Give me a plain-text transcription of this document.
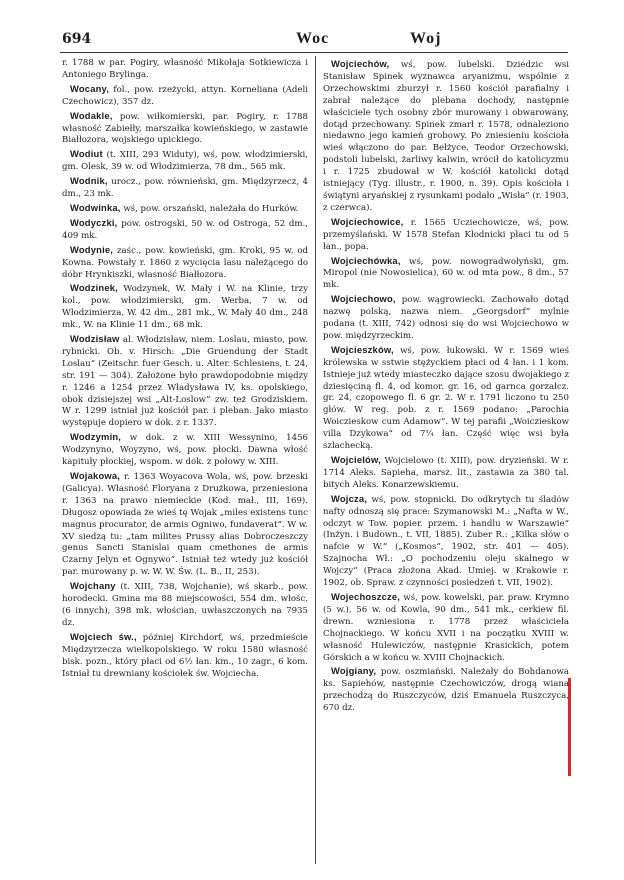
694	Woc	Woj

r. 1788 w par. Pogiry, własność Mikołaja Sotkiewicza i Antoniego Brylinga.

Wocany, fol., pow. rzeżycki, attyn. Korneliana (Adeli Czechowicz), 357 dz.

Wodakle, pow. wiłkomierski, par. Pogiry, r. 1788 własność Zabiełły, marszałka kowieńskiego, w zastawie Białłozora, wojskiego upickiego.

Wodiut (t. XIII, 293 Widuty), wś, pow. włodzimierski, gm. Olesk, 39 w. od Włodzimierza, 78 dm., 565 mk.

Wodnik, urocz., pow. równieński, gm. Międzyrzecz, 4 dm., 23 mk.

Wodwinka, wś, pow. orszański, należała do Hurków.

Wodyczki, pow. ostrogski, 50 w. od Ostroga, 52 dm., 409 mk.

Wodynie, zaśc., pow. kowieński, gm. Kroki, 95 w. od Kowna. Powstały r. 1860 z wycięcia lasu należącego do dóbr Hrynkiszki, własność Białłozora.

Wodzinek, Wodzynek, W. Mały i W. na Klinie, trzy kol., pow. włodzimierski, gm. Werba, 7 w. od Włodzimierza, W. 42 dm., 281 mk., W. Mały 40 dm., 248 mk., W. na Klinie 11 dm., 68 mk.

Wodzisław al. Włodzisław, niem. Loslau, miasto, pow. rybnicki. Ob. v. Hirsch: „Die Gruendung der Stadt Loslau“ (Zeitschr. fuer Gesch. u. Alter. Schlesiens, t. 24, str. 191 — 304). Założone było prawdopodobnie między r. 1246 a 1254 przez Władysława IV, ks. opolskiego, obok dzisiejszej wsi „Alt-Loslow“ zw. też Grodziskiem. W r. 1299 istniał już kościół par. i pleban. Jako miasto występuje dopiero w dok. z r. 1337.

Wodzymin, w dok. z w. XIII Wessynino, 1456 Wodzynyno, Woyzyno, wś, pow. płocki. Dawna włość kapituły płockiej, wspom. w dok. z połowy w. XIII.

Wojakowa, r. 1363 Woyacova Wola, wś, pow. brzeski (Galicya). Własność Floryana z Drużkowa, przeniesiona r. 1363 na prawo niemieckie (Kod. mał., III, 169). Długosz opowiada że wieś tę Wojak „miles existens tunc magnus procurator, de armis Ogniwo, fundaverat“. W w. XV siedzą tu: „tam milites Prussy alias Dobroczeszczy genus Sancti Stanislai quam cmethones de armis Czarny Jelyn et Ognywo“. Istniał też wtedy już kościół par. murowany p. w. W. W. Św. (L. B., II, 253).

Wojchany (t. XIII, 738, Wojchanie), wś skarb., pow. horodecki. Gmina ma 88 miejscowości, 554 dm. włośc. (6 innych), 398 mk. włościan, uwłaszczonych na 7935 dz.

Wojciech św., później Kirchdorf, wś, przedmieście Międzyrzecza wielkopolskiego. W roku 1580 własność bisk. pozn., który płaci od 6½ łan. km., 10 zagr., 6 kom. Istniał tu drewniany kościołek św. Wojciecha.

Wojciechów, wś, pow. lubelski. Dziedzic wsi Stanisław Spinek wyznawca aryanizmu, wspólnie z Orzechowskimi zburzył r. 1560 kościół parafialny i zabrał należące do plebana dochody, następnie właściciele tych osobny zbór murowany i obwarowany, dotąd przechowany. Spinek zmarł r. 1578, odnaleziono niedawno jego kamień grobowy. Po zniesieniu kościoła wieś włączono do par. Bełżyce. Teodor Orzechowski, podstoli lubelski, żarliwy kalwin, wrócił do katolicyzmu i r. 1725 zbudował w W. kościół katolicki dotąd istniejący (Tyg. illustr., r. 1900, n. 39). Opis kościoła i świątyni aryańskiej z rysunkami podało „Wisła“ (r. 1903, z czerwca).

Wojciechowice, r. 1565 Ucziechowicze, wś, pow. przemyślański. W 1578 Stefan Kłodnicki płaci tu od 5 łan., popa.

Wojciechówka, wś, pow. nowogradwołyński, gm. Miropol (nie Nowosielica), 60 w. od mta pow., 8 dm., 57 mk.

Wojciechowo, pow. wągrowiecki. Zachowało dotąd nazwę polską, nazwa niem. „Georgsdorf“ mylnie podana (t. XIII, 742) odnosi się do wsi Wojciechowo w pow. międzyrzeckim.

Wojcieszków, wś, pow. łukowski. W r. 1569 wieś królewska w sstwie stężyckiem płaci od 4 łan. i 1 kom. Istnieje już wtedy miasteczko dające szosu dwojakiego z dziesięciną fl. 4, od komor. gr. 16, od garnca gorzałcz. gr. 24, czopowego fl. 6 gr. 2. W r. 1791 liczono tu 250 głów. W reg. pob. z r. 1569 podano: „Parochia Woiczieskow cum Adamow“. W tej parafii „Woiczieskow villa Dzykowa“ od 7¼ łan. Część więc wsi była szlachecką.

Wojcielów, Wojcielowo (t. XIII), pow. dryzieński. W r. 1714 Aleks. Sapieha, marsz. lit., zastawia za 380 tal. bitych Aleks. Konarzewskiemu.

Wojcza, wś, pow. stopnicki. Do odkrytych tu śladów nafty odnoszą się prace: Szymanowski M.: „Nafta w W., odczyt w Tow. popier. przem. i handlu w Warszawie“ (Inżyn. i Budown., t. VII, 1885). Zuber R.: „Kilka słów o nafcie w W.“ („Kosmos“, 1902, str. 401 — 405). Szajnocha Wł.: „O pochodzeniu oleju skalnego w Wojczy“ (Praca złożona Akad. Umiej. w Krakowie r. 1902, ob. Spraw. z czynności posiedzeń t. VII, 1902).

Wojechoszcze, wś, pow. kowelski, par. praw. Krymno (5 w.), 56 w. od Kowla, 90 dm., 541 mk., cerkiew fil. drewn. wzniesiona r. 1778 przez właściciela Chojnackiego. W końcu XVII i na początku XVIII w. własność Hulewiczów, następnie Krasickich, potem Górskich a w końcu w. XVIII Chojnackich.

Wojgiany, pow. oszmiański. Należały do Bohdanowa ks. Sapiehów, następnie Czechowiczów, drogą wiana przechodzą do Ruszczyców, dziś Emanuela Ruszczyca, 670 dz.
